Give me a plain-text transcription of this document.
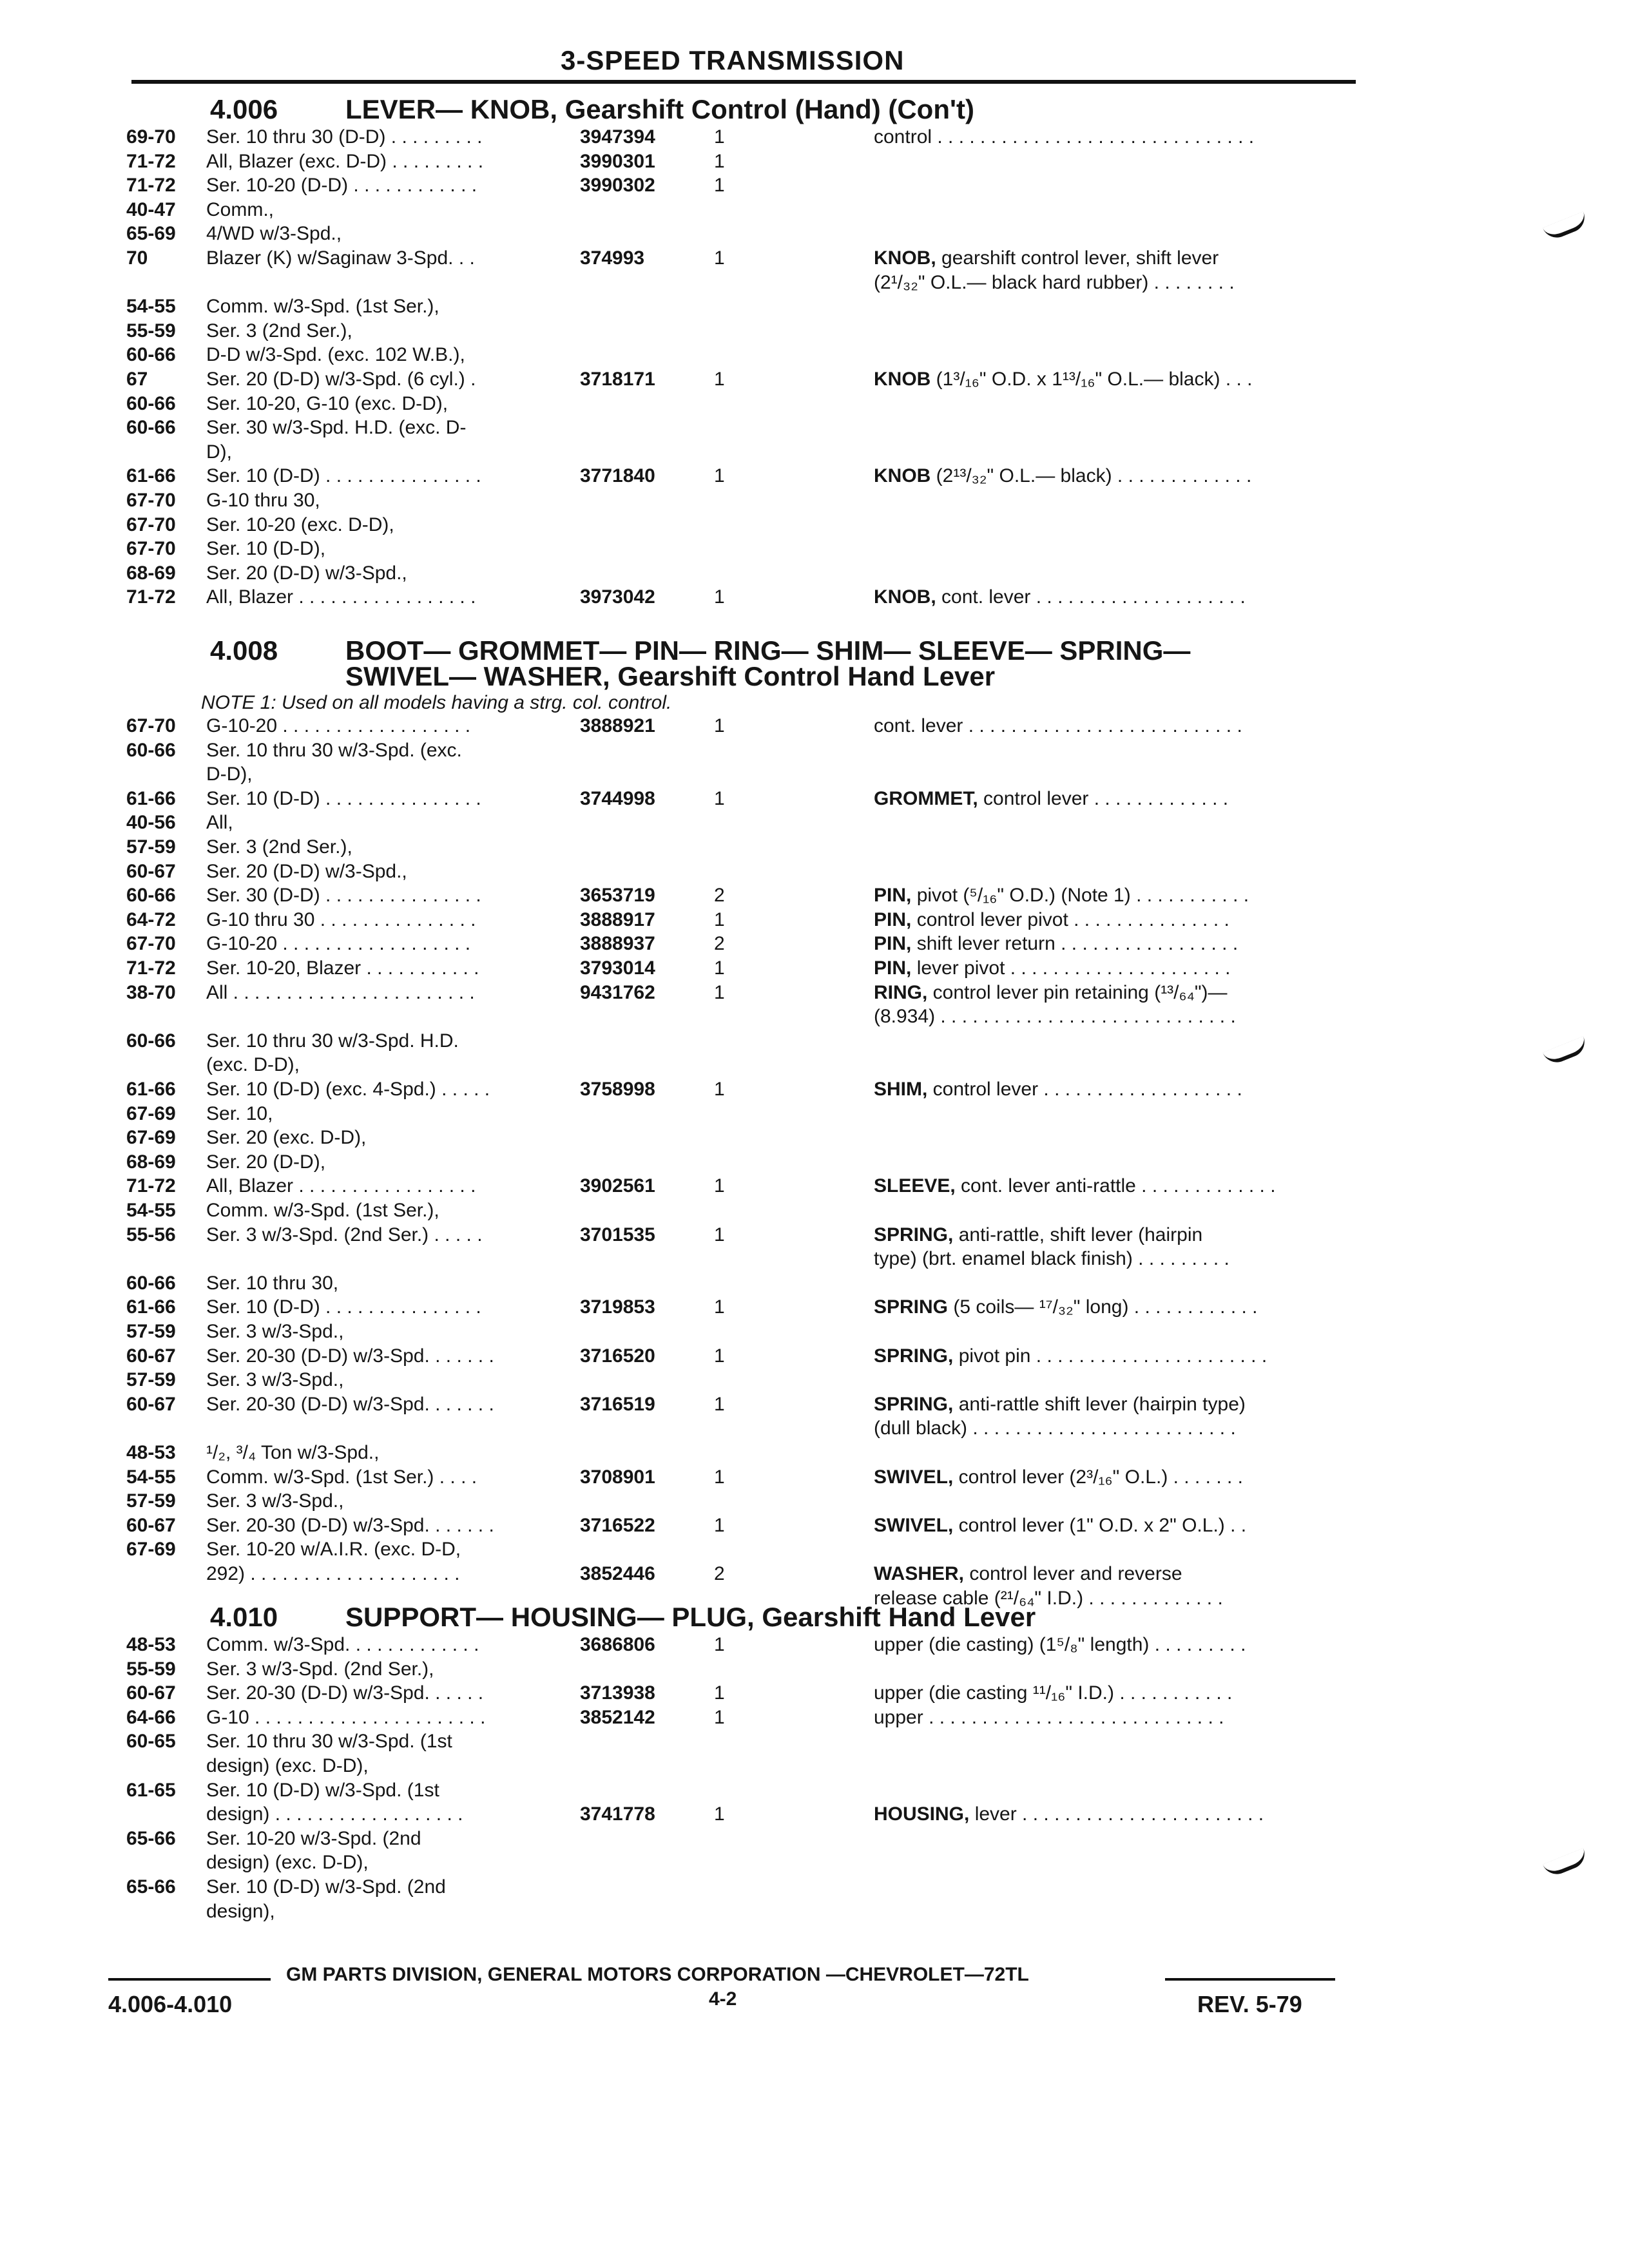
3-SPEED TRANSMISSION
4.006 LEVER— KNOB, Gearshift Control (Hand) (Con't)
69-70 Ser. 10 thru 30 (D-D) . . . . . . . . .	3947394	1	control . . . . . . . . . . . . . . . . . . . . . . . . . . . . . .
71-72 All, Blazer (exc. D-D) . . . . . . . . .	3990301	1
71-72 Ser. 10-20 (D-D) . . . . . . . . . . . .	3990302	1
40-47 Comm.,
65-69 4/WD w/3-Spd.,
70	Blazer (K) w/Saginaw 3-Spd. . .	374993	1	KNOB, gearshift control lever, shift lever
(2¹/₃₂" O.L.— black hard rubber) . . . . . . . .
54-55 Comm. w/3-Spd. (1st Ser.),
55-59 Ser. 3 (2nd Ser.),
60-66 D-D w/3-Spd. (exc. 102 W.B.),
67	Ser. 20 (D-D) w/3-Spd. (6 cyl.) .	3718171	1	KNOB (1³/₁₆" O.D. x 1¹³/₁₆" O.L.— black) . . .
60-66 Ser. 10-20, G-10 (exc. D-D),
60-66 Ser. 30 w/3-Spd. H.D. (exc. D-
D),
61-66 Ser. 10 (D-D) . . . . . . . . . . . . . . .	3771840	1	KNOB (2¹³/₃₂" O.L.— black) . . . . . . . . . . . . .
67-70 G-10 thru 30,
67-70 Ser. 10-20 (exc. D-D),
67-70 Ser. 10 (D-D),
68-69 Ser. 20 (D-D) w/3-Spd.,
71-72 All, Blazer . . . . . . . . . . . . . . . . .	3973042	1	KNOB, cont. lever . . . . . . . . . . . . . . . . . . . .
4.008 BOOT— GROMMET— PIN— RING— SHIM— SLEEVE— SPRING—
SWIVEL— WASHER, Gearshift Control Hand Lever
NOTE 1: Used on all models having a strg. col. control.
67-70 G-10-20 . . . . . . . . . . . . . . . . . .	3888921	1	cont. lever . . . . . . . . . . . . . . . . . . . . . . . . . .
60-66 Ser. 10 thru 30 w/3-Spd. (exc.
D-D),
61-66 Ser. 10 (D-D) . . . . . . . . . . . . . . .	3744998	1	GROMMET, control lever . . . . . . . . . . . . .
40-56 All,
57-59 Ser. 3 (2nd Ser.),
60-67 Ser. 20 (D-D) w/3-Spd.,
60-66 Ser. 30 (D-D) . . . . . . . . . . . . . . .	3653719	2	PIN, pivot (⁵/₁₆" O.D.) (Note 1) . . . . . . . . . . .
64-72 G-10 thru 30 . . . . . . . . . . . . . . .	3888917	1	PIN, control lever pivot . . . . . . . . . . . . . . .
67-70 G-10-20 . . . . . . . . . . . . . . . . . .	3888937	2	PIN, shift lever return . . . . . . . . . . . . . . . . .
71-72 Ser. 10-20, Blazer . . . . . . . . . . .	3793014	1	PIN, lever pivot . . . . . . . . . . . . . . . . . . . . .
38-70 All . . . . . . . . . . . . . . . . . . . . . . .	9431762	1	RING, control lever pin retaining (¹³/₆₄")—
(8.934) . . . . . . . . . . . . . . . . . . . . . . . . . . . .
60-66 Ser. 10 thru 30 w/3-Spd. H.D.
(exc. D-D),
61-66 Ser. 10 (D-D) (exc. 4-Spd.) . . . . .	3758998	1	SHIM, control lever . . . . . . . . . . . . . . . . . . .
67-69 Ser. 10,
67-69 Ser. 20 (exc. D-D),
68-69 Ser. 20 (D-D),
71-72 All, Blazer . . . . . . . . . . . . . . . . .	3902561	1	SLEEVE, cont. lever anti-rattle . . . . . . . . . . . . .
54-55 Comm. w/3-Spd. (1st Ser.),
55-56 Ser. 3 w/3-Spd. (2nd Ser.) . . . . .	3701535	1	SPRING, anti-rattle, shift lever (hairpin
type) (brt. enamel black finish) . . . . . . . . .
60-66 Ser. 10 thru 30,
61-66 Ser. 10 (D-D) . . . . . . . . . . . . . . .	3719853	1	SPRING (5 coils— ¹⁷/₃₂" long) . . . . . . . . . . . .
57-59 Ser. 3 w/3-Spd.,
60-67 Ser. 20-30 (D-D) w/3-Spd. . . . . . .	3716520	1	SPRING, pivot pin . . . . . . . . . . . . . . . . . . . . . .
57-59 Ser. 3 w/3-Spd.,
60-67 Ser. 20-30 (D-D) w/3-Spd. . . . . . .	3716519	1	SPRING, anti-rattle shift lever (hairpin type)
(dull black) . . . . . . . . . . . . . . . . . . . . . . . . .
48-53 ¹/₂, ³/₄ Ton w/3-Spd.,
54-55 Comm. w/3-Spd. (1st Ser.) . . . .	3708901	1	SWIVEL, control lever (2³/₁₆" O.L.) . . . . . . .
57-59 Ser. 3 w/3-Spd.,
60-67 Ser. 20-30 (D-D) w/3-Spd. . . . . . .	3716522	1	SWIVEL, control lever (1" O.D. x 2" O.L.) . .
67-69 Ser. 10-20 w/A.I.R. (exc. D-D,
292) . . . . . . . . . . . . . . . . . . . .	3852446	2	WASHER, control lever and reverse
release cable (²¹/₆₄" I.D.) . . . . . . . . . . . . .
4.010 SUPPORT— HOUSING— PLUG, Gearshift Hand Lever
48-53 Comm. w/3-Spd. . . . . . . . . . . . .	3686806	1	upper (die casting) (1⁵/₈" length) . . . . . . . . .
55-59 Ser. 3 w/3-Spd. (2nd Ser.),
60-67 Ser. 20-30 (D-D) w/3-Spd. . . . . .	3713938	1	upper (die casting ¹¹/₁₆" I.D.) . . . . . . . . . . .
64-66 G-10 . . . . . . . . . . . . . . . . . . . . . .	3852142	1	upper . . . . . . . . . . . . . . . . . . . . . . . . . . . .
60-65 Ser. 10 thru 30 w/3-Spd. (1st
design) (exc. D-D),
61-65 Ser. 10 (D-D) w/3-Spd. (1st
design) . . . . . . . . . . . . . . . . . .	3741778	1	HOUSING, lever . . . . . . . . . . . . . . . . . . . . . . .
65-66 Ser. 10-20 w/3-Spd. (2nd
design) (exc. D-D),
65-66 Ser. 10 (D-D) w/3-Spd. (2nd
design),
GM PARTS DIVISION, GENERAL MOTORS CORPORATION —CHEVROLET—72TL
4.006-4.010	4-2	REV. 5-79
